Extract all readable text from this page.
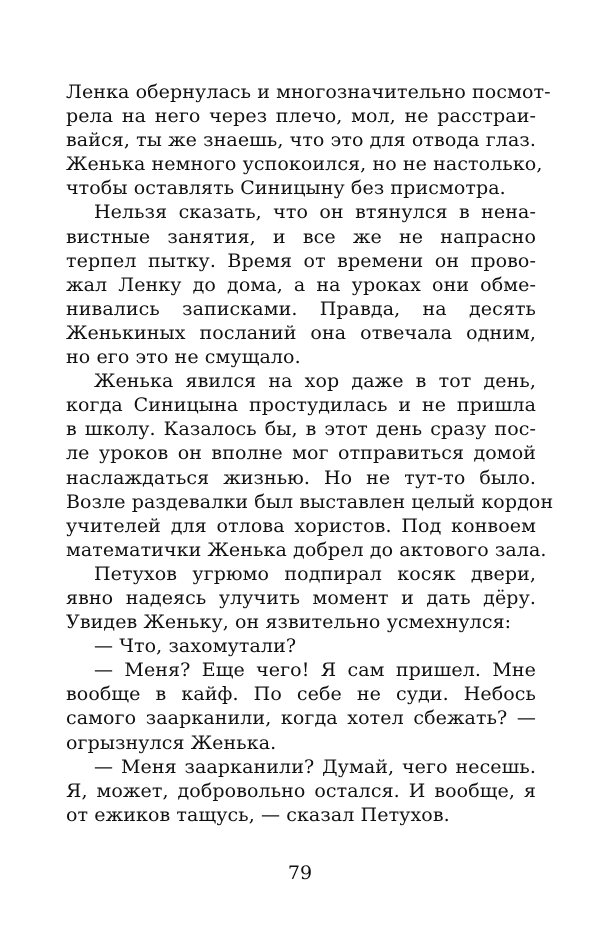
Ленка обернулась и многозначительно посмот-
рела на него через плечо, мол, не расстраи-
вайся, ты же знаешь, что это для отвода глаз.
Женька немного успокоился, но не настолько,
чтобы оставлять Синицыну без присмотра.
Нельзя сказать, что он втянулся в нена-
вистные занятия, и все же не напрасно
терпел пытку. Время от времени он прово-
жал Ленку до дома, а на уроках они обме-
нивались записками. Правда, на десять
Женькиных посланий она отвечала одним,
но его это не смущало.
Женька явился на хор даже в тот день,
когда Синицына простудилась и не пришла
в школу. Казалось бы, в этот день сразу пос-
ле уроков он вполне мог отправиться домой
наслаждаться жизнью. Но не тут-то было.
Возле раздевалки был выставлен целый кордон
учителей для отлова хористов. Под конвоем
математички Женька добрел до актового зала.
Петухов угрюмо подпирал косяк двери,
явно надеясь улучить момент и дать дёру.
Увидев Женьку, он язвительно усмехнулся:
— Что, захомутали?
— Меня? Еще чего! Я сам пришел. Мне
вообще в кайф. По себе не суди. Небось
самого заарканили, когда хотел сбежать? —
огрызнулся Женька.
— Меня заарканили? Думай, чего несешь.
Я, может, добровольно остался. И вообще, я
от ежиков тащусь, — сказал Петухов.
79
